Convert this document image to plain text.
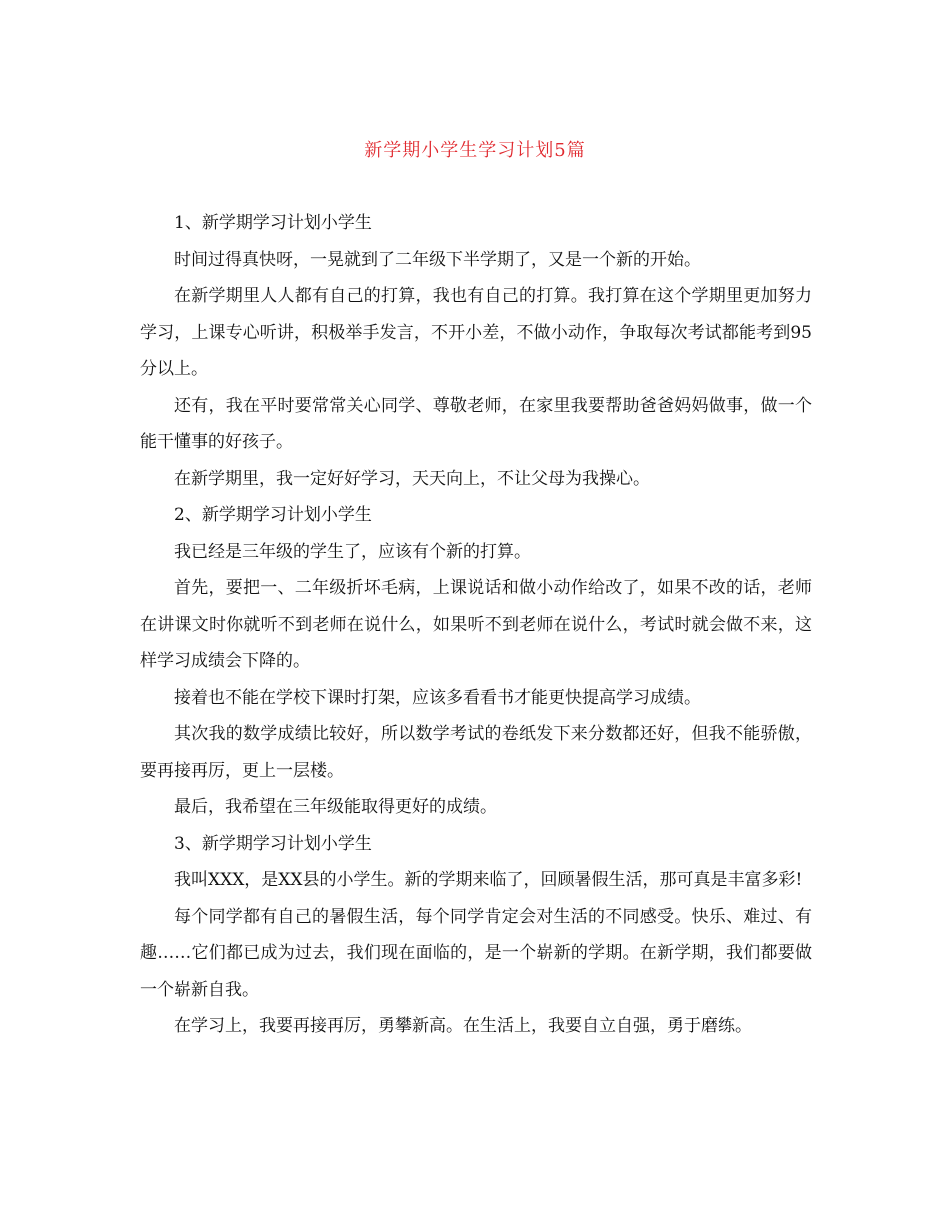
新学期小学生学习计划5篇

1、新学期学习计划小学生

时间过得真快呀，一晃就到了二年级下半学期了，又是一个新的开始。

在新学期里人人都有自己的打算，我也有自己的打算。我打算在这个学期里更加努力学习，上课专心听讲，积极举手发言，不开小差，不做小动作，争取每次考试都能考到95分以上。

还有，我在平时要常常关心同学、尊敬老师，在家里我要帮助爸爸妈妈做事，做一个能干懂事的好孩子。

在新学期里，我一定好好学习，天天向上，不让父母为我操心。

2、新学期学习计划小学生

我已经是三年级的学生了，应该有个新的打算。

首先，要把一、二年级折坏毛病，上课说话和做小动作给改了，如果不改的话，老师在讲课文时你就听不到老师在说什么，如果听不到老师在说什么，考试时就会做不来，这样学习成绩会下降的。

接着也不能在学校下课时打架，应该多看看书才能更快提高学习成绩。

其次我的数学成绩比较好，所以数学考试的卷纸发下来分数都还好，但我不能骄傲，要再接再厉，更上一层楼。

最后，我希望在三年级能取得更好的成绩。

3、新学期学习计划小学生

我叫XXX，是XX县的小学生。新的学期来临了，回顾暑假生活，那可真是丰富多彩!

每个同学都有自己的暑假生活，每个同学肯定会对生活的不同感受。快乐、难过、有趣……它们都已成为过去，我们现在面临的，是一个崭新的学期。在新学期，我们都要做一个崭新自我。

在学习上，我要再接再厉，勇攀新高。在生活上，我要自立自强，勇于磨练。
